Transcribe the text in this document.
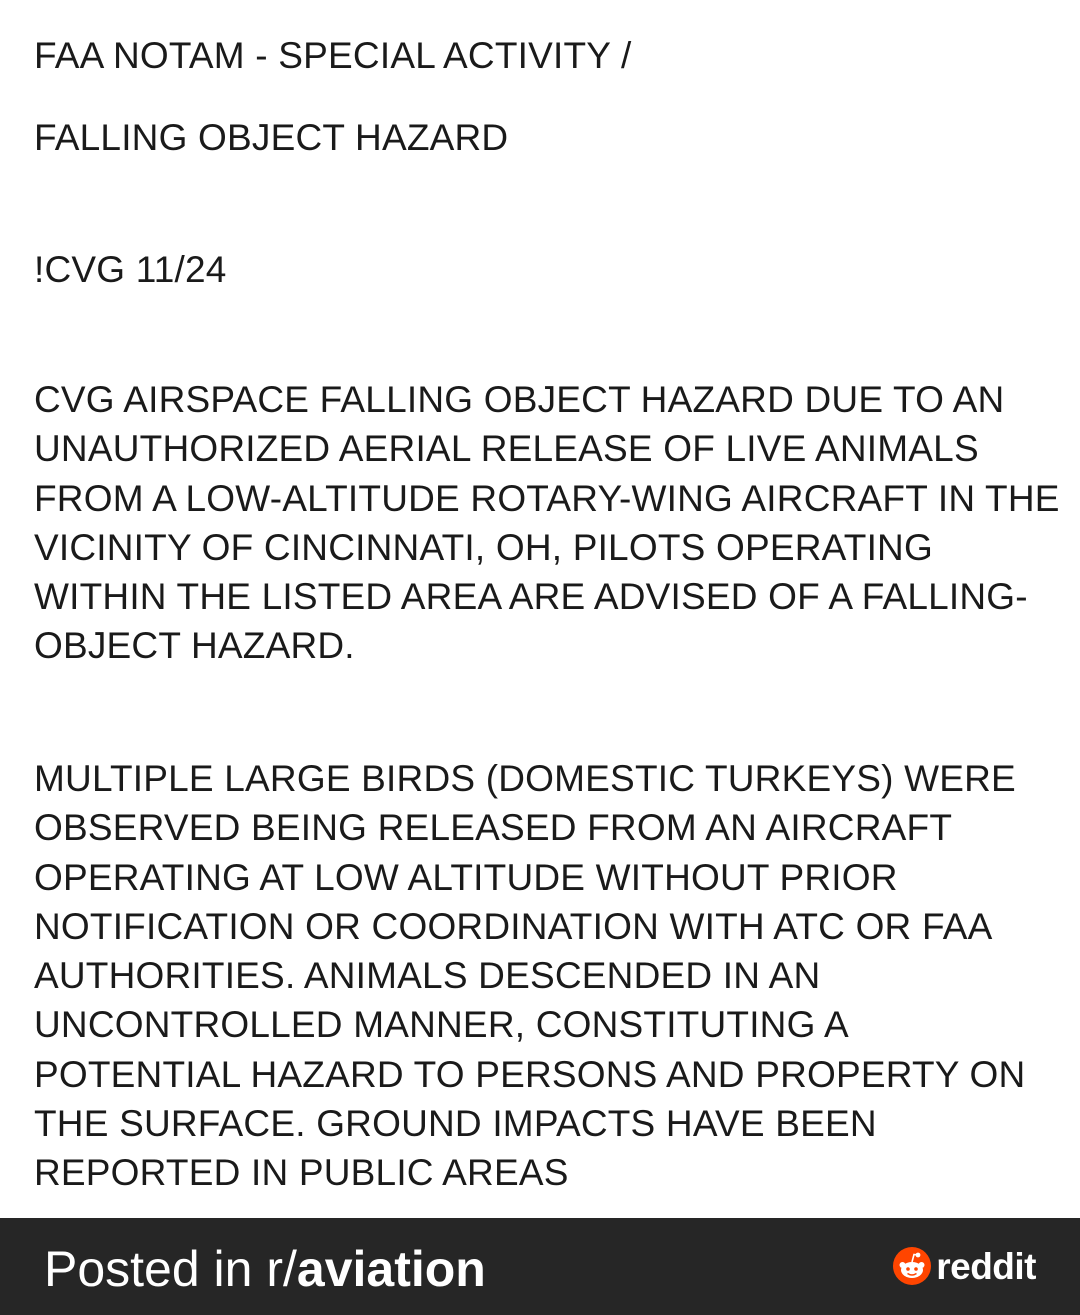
FAA NOTAM - SPECIAL ACTIVITY /
FALLING OBJECT HAZARD
!CVG 11/24

CVG AIRSPACE FALLING OBJECT HAZARD DUE TO AN
UNAUTHORIZED AERIAL RELEASE OF LIVE ANIMALS
FROM A LOW-ALTITUDE ROTARY-WING AIRCRAFT IN THE
VICINITY OF CINCINNATI, OH, PILOTS OPERATING
WITHIN THE LISTED AREA ARE ADVISED OF A FALLING-
OBJECT HAZARD.

MULTIPLE LARGE BIRDS (DOMESTIC TURKEYS) WERE
OBSERVED BEING RELEASED FROM AN AIRCRAFT
OPERATING AT LOW ALTITUDE WITHOUT PRIOR
NOTIFICATION OR COORDINATION WITH ATC OR FAA
AUTHORITIES. ANIMALS DESCENDED IN AN
UNCONTROLLED MANNER, CONSTITUTING A
POTENTIAL HAZARD TO PERSONS AND PROPERTY ON
THE SURFACE. GROUND IMPACTS HAVE BEEN
REPORTED IN PUBLIC AREAS

Posted in r/aviation	reddit
